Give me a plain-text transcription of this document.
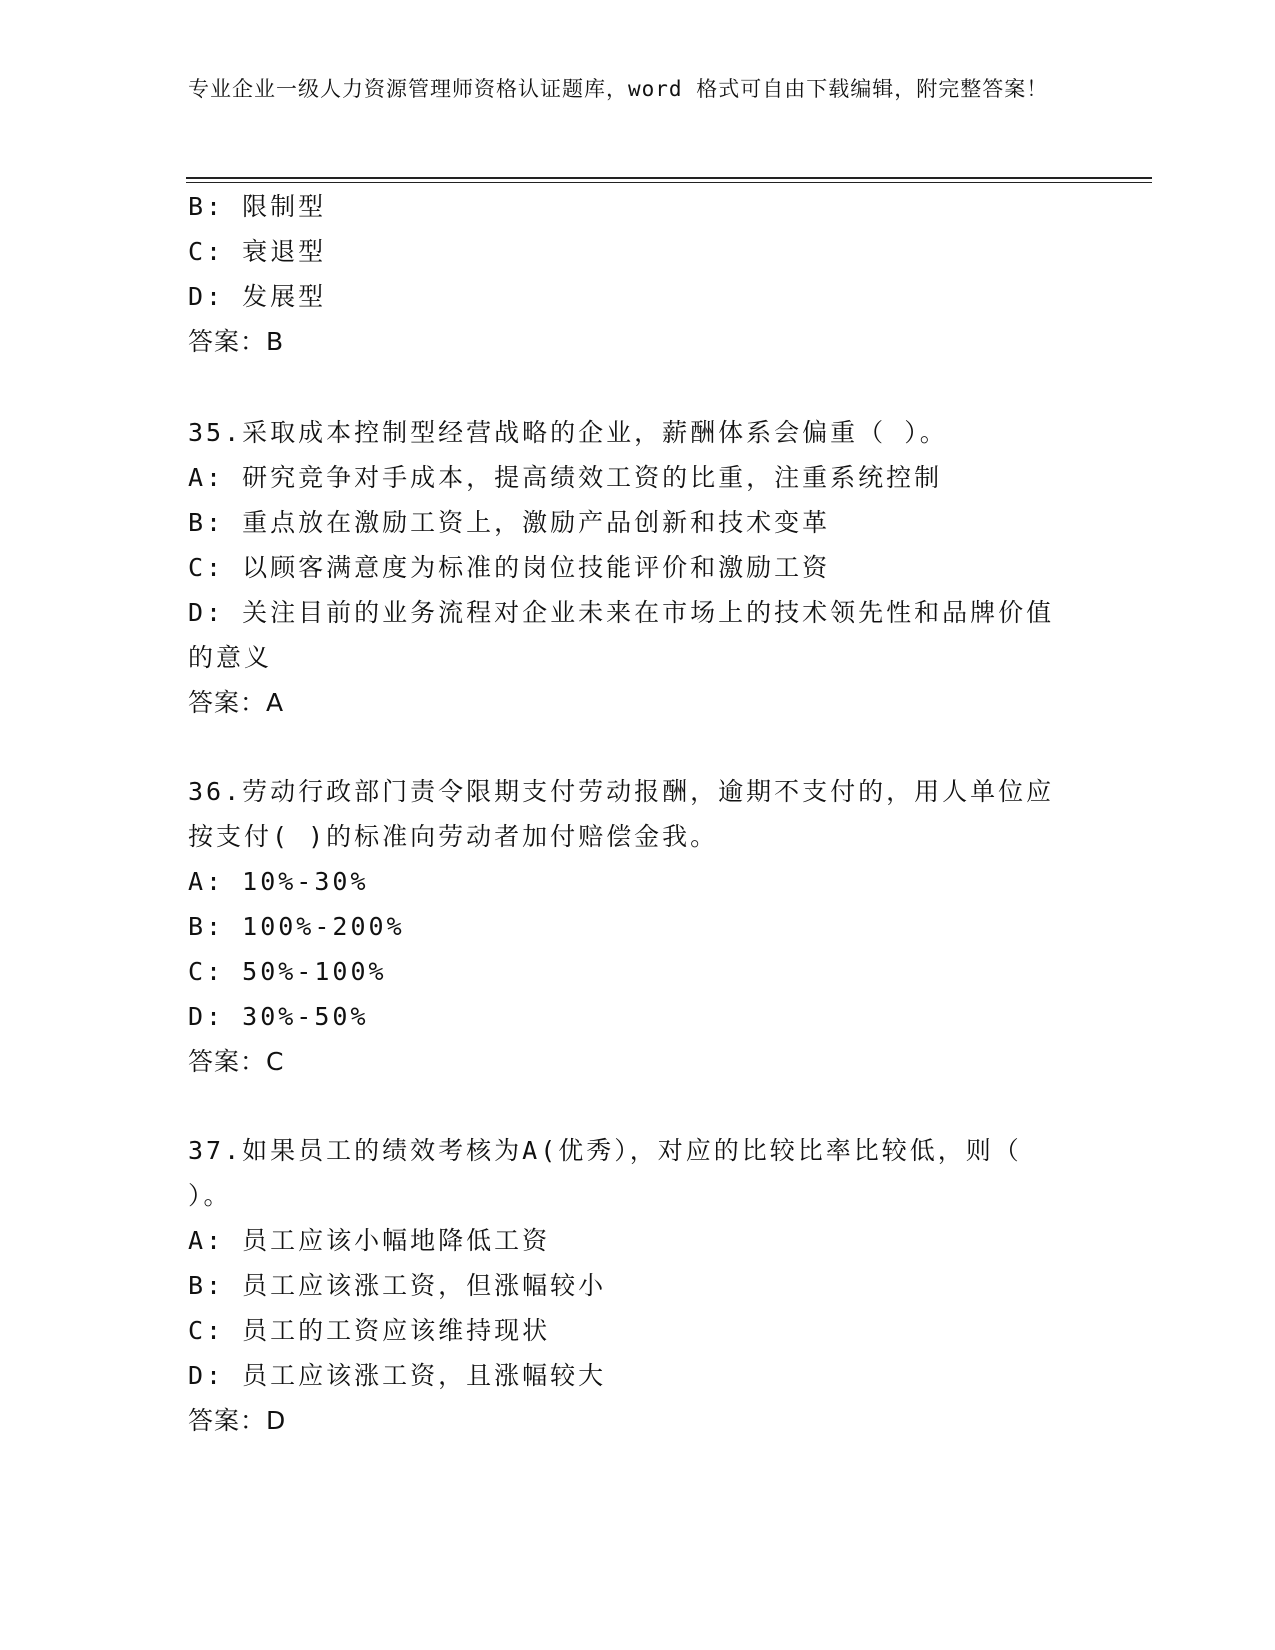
专业企业一级人力资源管理师资格认证题库，word 格式可自由下载编辑，附完整答案！
B: 限制型
C: 衰退型
D: 发展型
答案：B
35.采取成本控制型经营战略的企业，薪酬体系会偏重（ ）。
A: 研究竞争对手成本，提高绩效工资的比重，注重系统控制
B: 重点放在激励工资上，激励产品创新和技术变革
C: 以顾客满意度为标准的岗位技能评价和激励工资
D: 关注目前的业务流程对企业未来在市场上的技术领先性和品牌价值
的意义
答案：A
36.劳动行政部门责令限期支付劳动报酬，逾期不支付的，用人单位应
按支付( )的标准向劳动者加付赔偿金我。
A: 10%-30%
B: 100%-200%
C: 50%-100%
D: 30%-50%
答案：C
37.如果员工的绩效考核为A(优秀），对应的比较比率比较低，则（
）。
A: 员工应该小幅地降低工资
B: 员工应该涨工资，但涨幅较小
C: 员工的工资应该维持现状
D: 员工应该涨工资，且涨幅较大
答案：D
